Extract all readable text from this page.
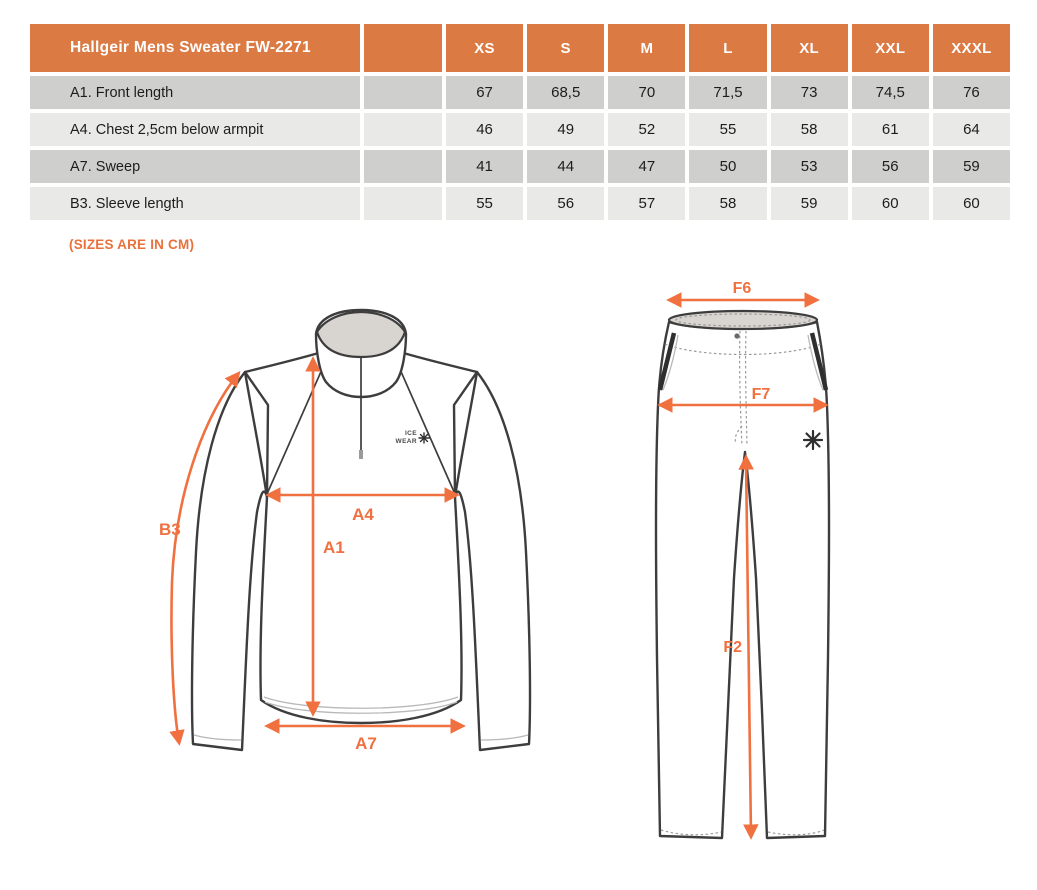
Hallgeir Mens Sweater FW-2271	XS	S	M	L	XL	XXL	XXXL
A1. Front length	67	68,5	70	71,5	73	74,5	76
A4. Chest 2,5cm below armpit	46	49	52	55	58	61	64
A7. Sweep	41	44	47	50	53	56	59
B3. Sleeve length	55	56	57	58	59	60	60
(SIZES ARE IN CM)
ICE
WEAR
B3
A4
A1
A7
F6
F7
F2
